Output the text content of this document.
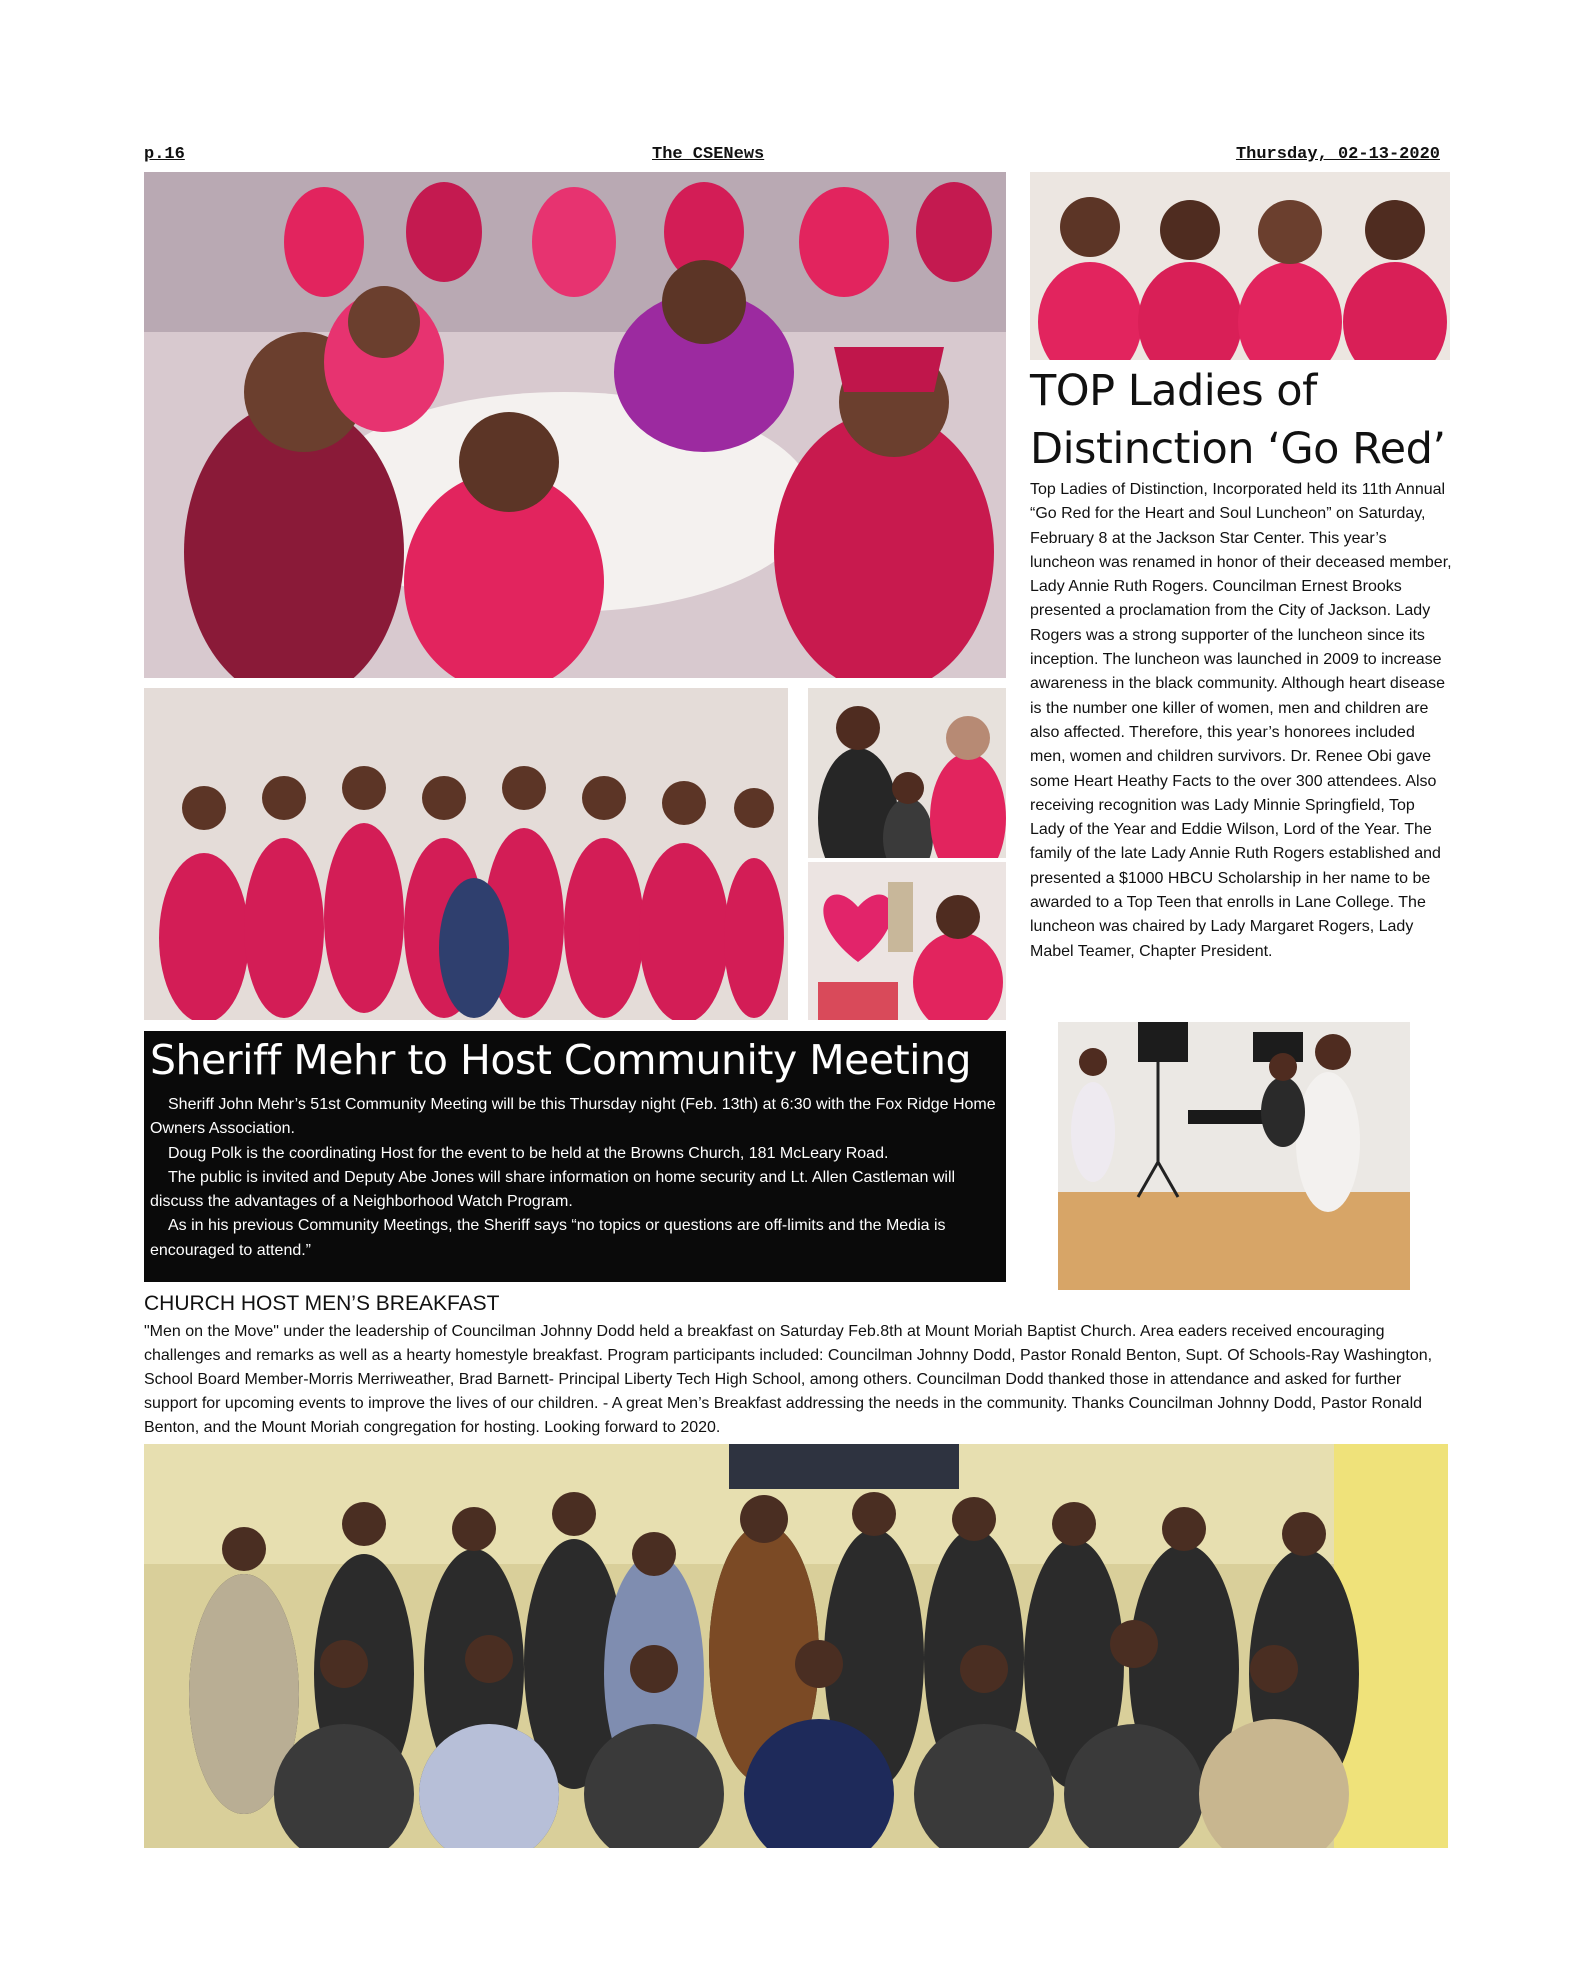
p.16	The CSENews	Thursday, 02-13-2020
TOP Ladies of Distinction ‘Go Red’

Top Ladies of Distinction, Incorporated held its 11th Annual “Go Red for the Heart and Soul Luncheon” on Saturday, February 8 at the Jackson Star Center. This year’s luncheon was renamed in honor of their deceased member, Lady Annie Ruth Rogers. Councilman Ernest Brooks presented a proclamation from the City of Jackson. Lady Rogers was a strong supporter of the luncheon since its inception. The luncheon was launched in 2009 to increase awareness in the black community. Although heart disease is the number one killer of women, men and children are also affected. Therefore, this year’s honorees included men, women and children survivors. Dr. Renee Obi gave some Heart Heathy Facts to the over 300 attendees. Also receiving recognition was Lady Minnie Springfield, Top Lady of the Year and Eddie Wilson, Lord of the Year. The family of the late Lady Annie Ruth Rogers established and presented a $1000 HBCU Scholarship in her name to be awarded to a Top Teen that enrolls in Lane College. The luncheon was chaired by Lady Margaret Rogers, Lady Mabel Teamer, Chapter President.

Sheriff Mehr to Host Community Meeting

Sheriff John Mehr’s 51st Community Meeting will be this Thursday night (Feb. 13th) at 6:30 with the Fox Ridge Home Owners Association.

Doug Polk is the coordinating Host for the event to be held at the Browns Church, 181 McLeary Road.

The public is invited and Deputy Abe Jones will share information on home security and Lt. Allen Castleman will discuss the advantages of a Neighborhood Watch Program.

As in his previous Community Meetings, the Sheriff says “no topics or questions are off-limits and the Media is encouraged to attend.”

CHURCH HOST MEN’S BREAKFAST

"Men on the Move" under the leadership of Councilman Johnny Dodd held a breakfast on Saturday Feb.8th at Mount Moriah Baptist Church. Area eaders received encouraging challenges and remarks as well as a hearty homestyle breakfast. Program participants included: Councilman Johnny Dodd, Pastor Ronald Benton, Supt. Of Schools-Ray Washington, School Board Member-Morris Merriweather, Brad Barnett- Principal Liberty Tech High School, among others. Councilman Dodd thanked those in attendance and asked for further support for upcoming events to improve the lives of our children. - A great Men’s Breakfast addressing the needs in the community. Thanks Councilman Johnny Dodd, Pastor Ronald Benton, and the Mount Moriah congregation for hosting. Looking forward to 2020.
